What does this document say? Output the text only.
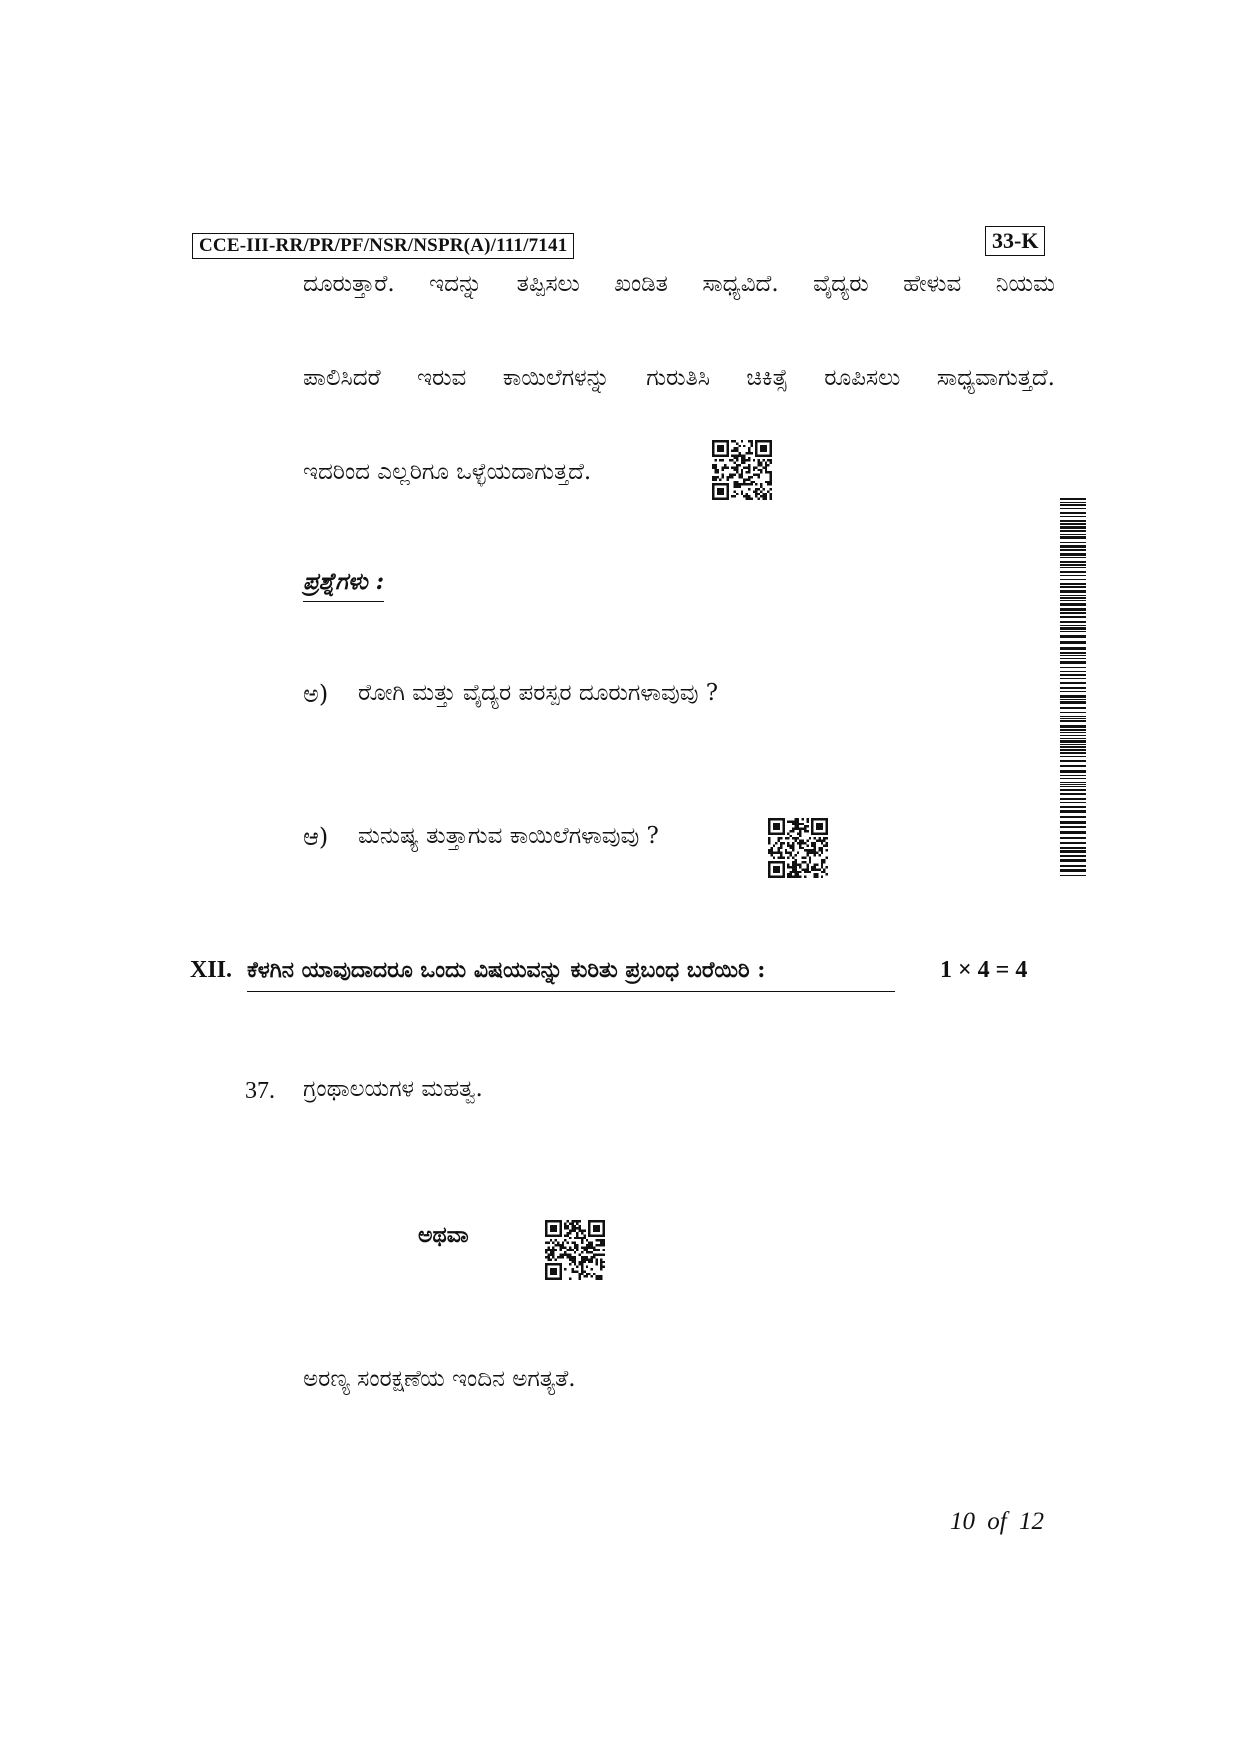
CCE-III-RR/PR/PF/NSR/NSPR(A)/111/7141	33-K
ದೂರುತ್ತಾರೆ. ಇದನ್ನು ತಪ್ಪಿಸಲು ಖಂಡಿತ ಸಾಧ್ಯವಿದೆ. ವೈದ್ಯರು ಹೇಳುವ ನಿಯಮ
ಪಾಲಿಸಿದರೆ ಇರುವ ಕಾಯಿಲೆಗಳನ್ನು ಗುರುತಿಸಿ ಚಿಕಿತ್ಸೆ ರೂಪಿಸಲು ಸಾಧ್ಯವಾಗುತ್ತದೆ.
ಇದರಿಂದ ಎಲ್ಲರಿಗೂ ಒಳ್ಳೆಯದಾಗುತ್ತದೆ.
ಪ್ರಶ್ನೆಗಳು :
ಅ) ರೋಗಿ ಮತ್ತು ವೈದ್ಯರ ಪರಸ್ಪರ ದೂರುಗಳಾವುವು ?
ಆ) ಮನುಷ್ಯ ತುತ್ತಾಗುವ ಕಾಯಿಲೆಗಳಾವುವು ?
XII. ಕೆಳಗಿನ ಯಾವುದಾದರೂ ಒಂದು ವಿಷಯವನ್ನು ಕುರಿತು ಪ್ರಬಂಧ ಬರೆಯಿರಿ :	1 × 4 = 4
37. ಗ್ರಂಥಾಲಯಗಳ ಮಹತ್ವ.
ಅಥವಾ
ಅರಣ್ಯ ಸಂರಕ್ಷಣೆಯ ಇಂದಿನ ಅಗತ್ಯತೆ.
10 of 12
